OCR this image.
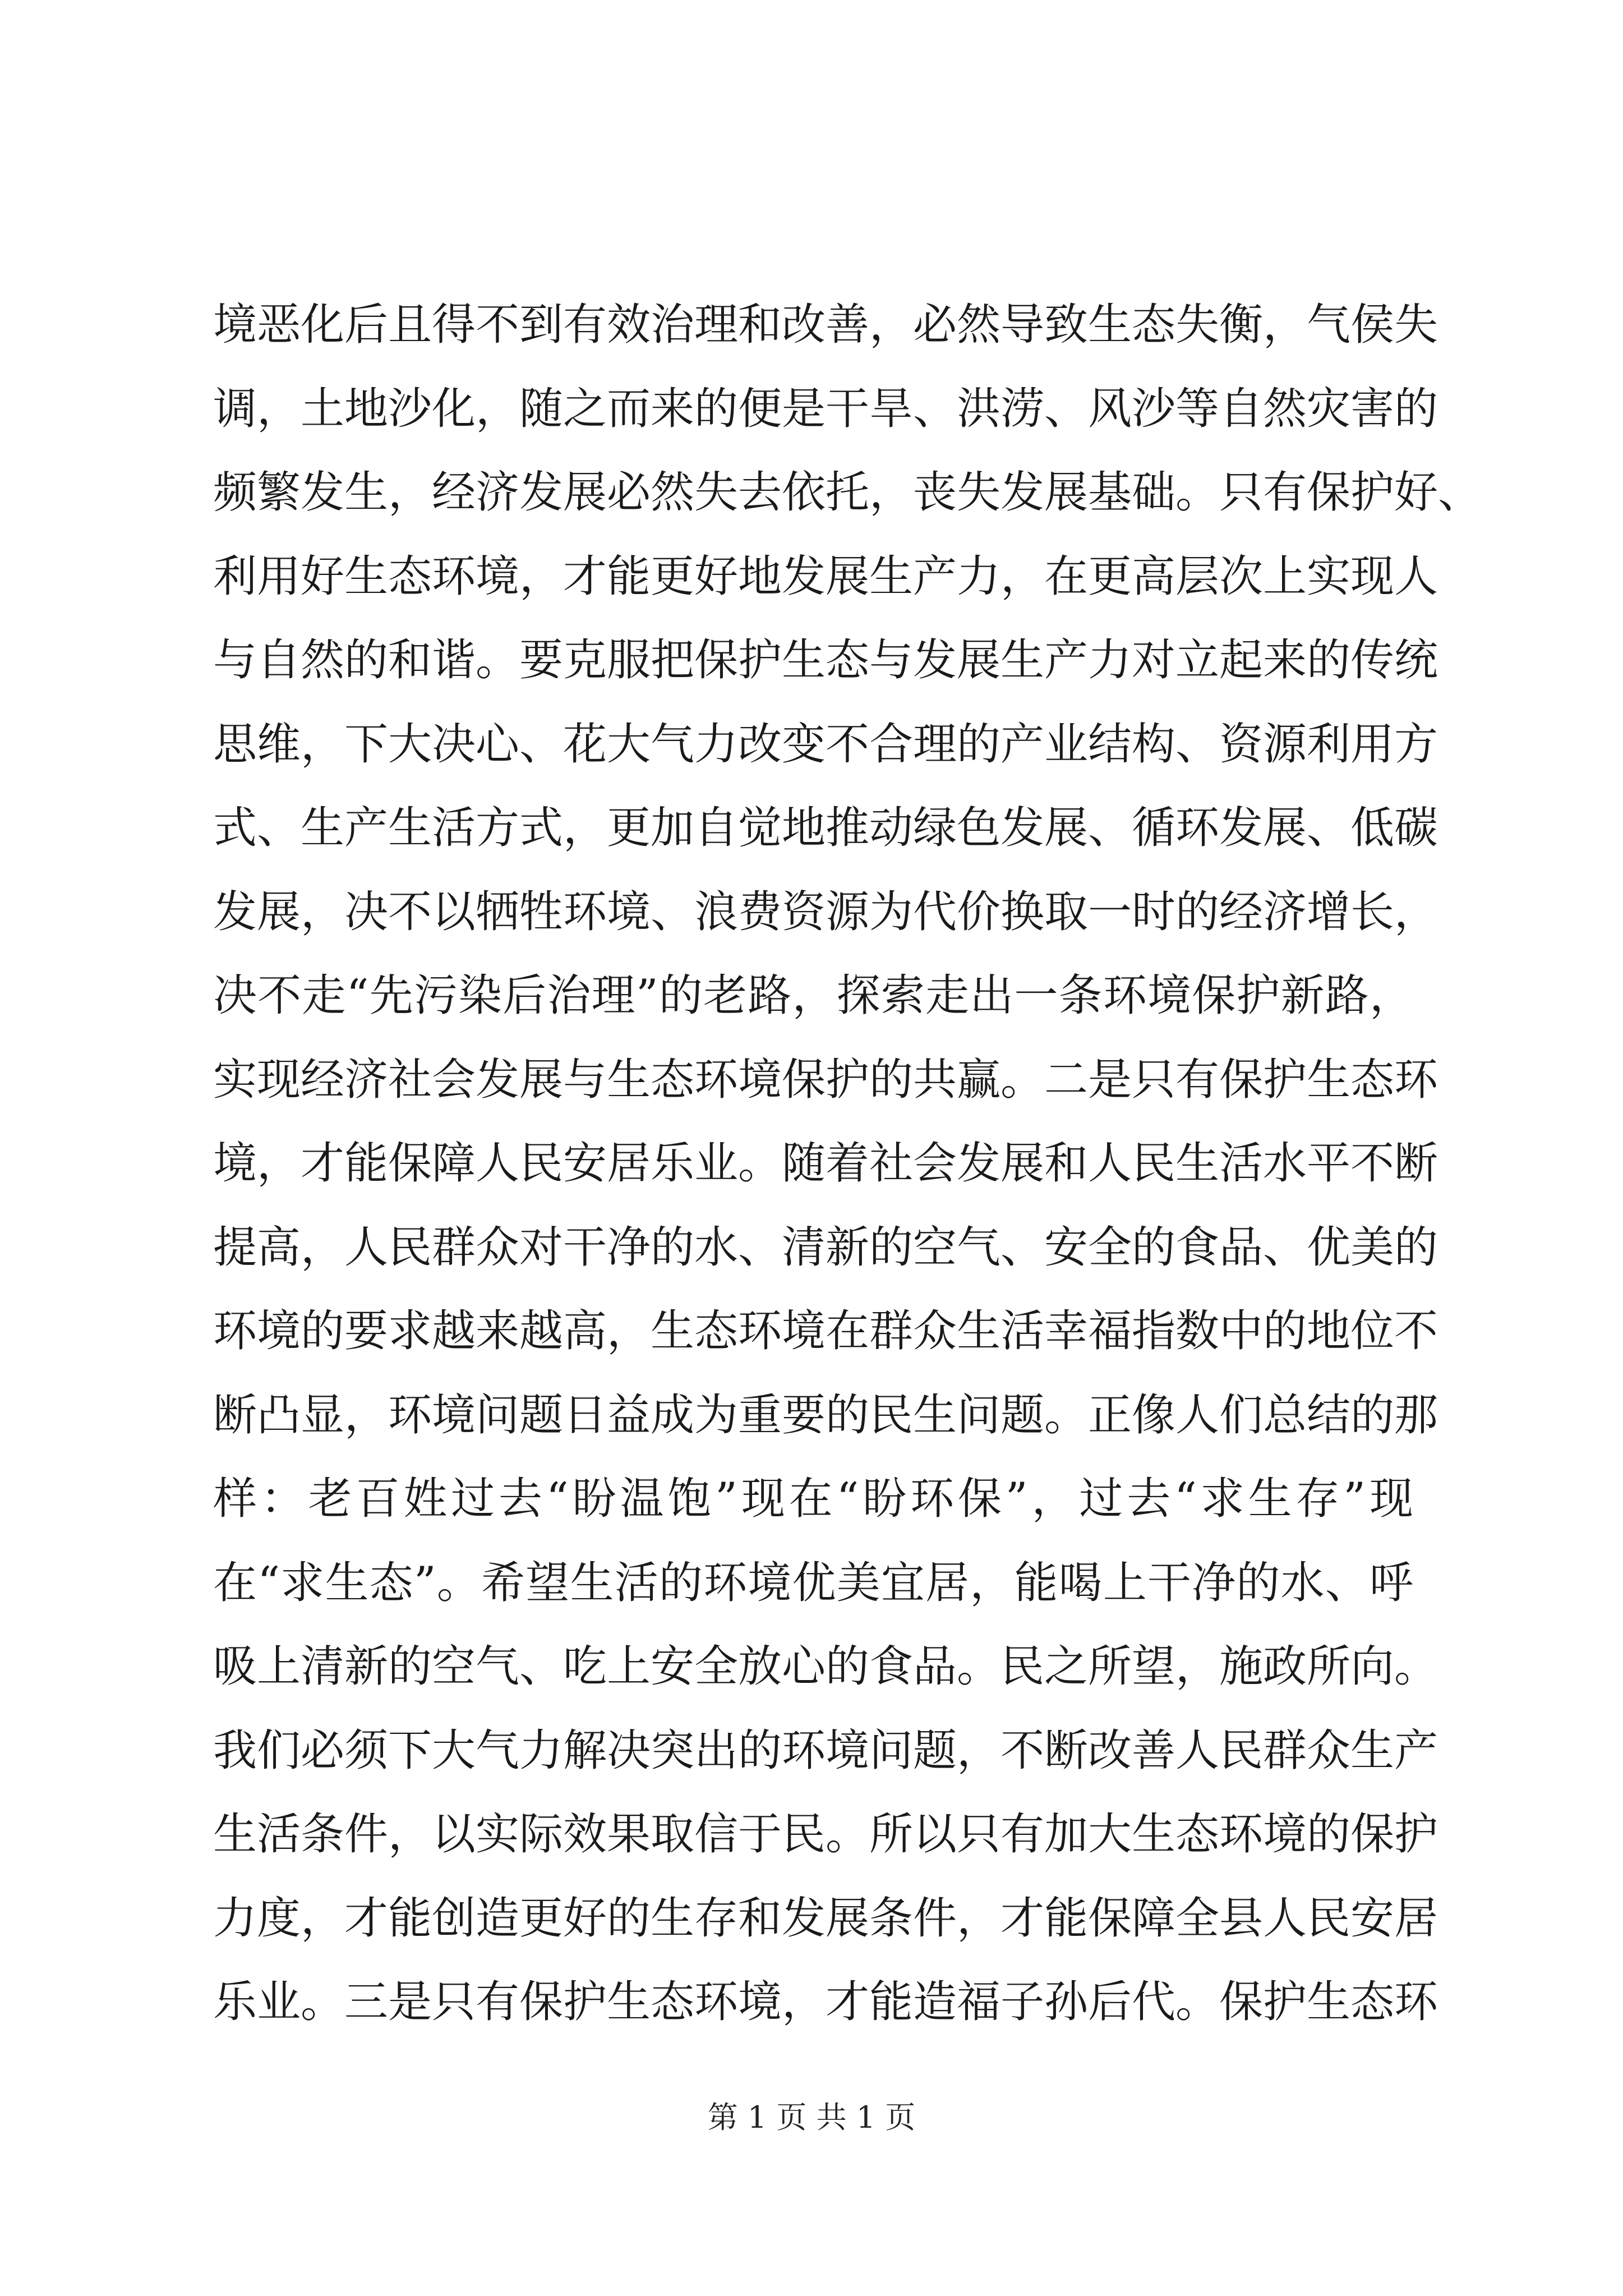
境恶化后且得不到有效治理和改善，必然导致生态失衡，气侯失
调，土地沙化，随之而来的便是干旱、洪涝、风沙等自然灾害的
频繁发生，经济发展必然失去依托，丧失发展基础。只有保护好、
利用好生态环境，才能更好地发展生产力，在更高层次上实现人
与自然的和谐。要克服把保护生态与发展生产力对立起来的传统
思维，下大决心、花大气力改变不合理的产业结构、资源利用方
式、生产生活方式，更加自觉地推动绿色发展、循环发展、低碳
发展，决不以牺牲环境、浪费资源为代价换取一时的经济增长，
决不走“先污染后治理”的老路，探索走出一条环境保护新路，
实现经济社会发展与生态环境保护的共赢。二是只有保护生态环
境，才能保障人民安居乐业。随着社会发展和人民生活水平不断
提高，人民群众对干净的水、清新的空气、安全的食品、优美的
环境的要求越来越高，生态环境在群众生活幸福指数中的地位不
断凸显，环境问题日益成为重要的民生问题。正像人们总结的那
样：老百姓过去“盼温饱”现在“盼环保”，过去“求生存”现
在“求生态”。希望生活的环境优美宜居，能喝上干净的水、呼
吸上清新的空气、吃上安全放心的食品。民之所望，施政所向。
我们必须下大气力解决突出的环境问题，不断改善人民群众生产
生活条件，以实际效果取信于民。所以只有加大生态环境的保护
力度，才能创造更好的生存和发展条件，才能保障全县人民安居
乐业。三是只有保护生态环境，才能造福子孙后代。保护生态环
第 1 页 共 1 页
